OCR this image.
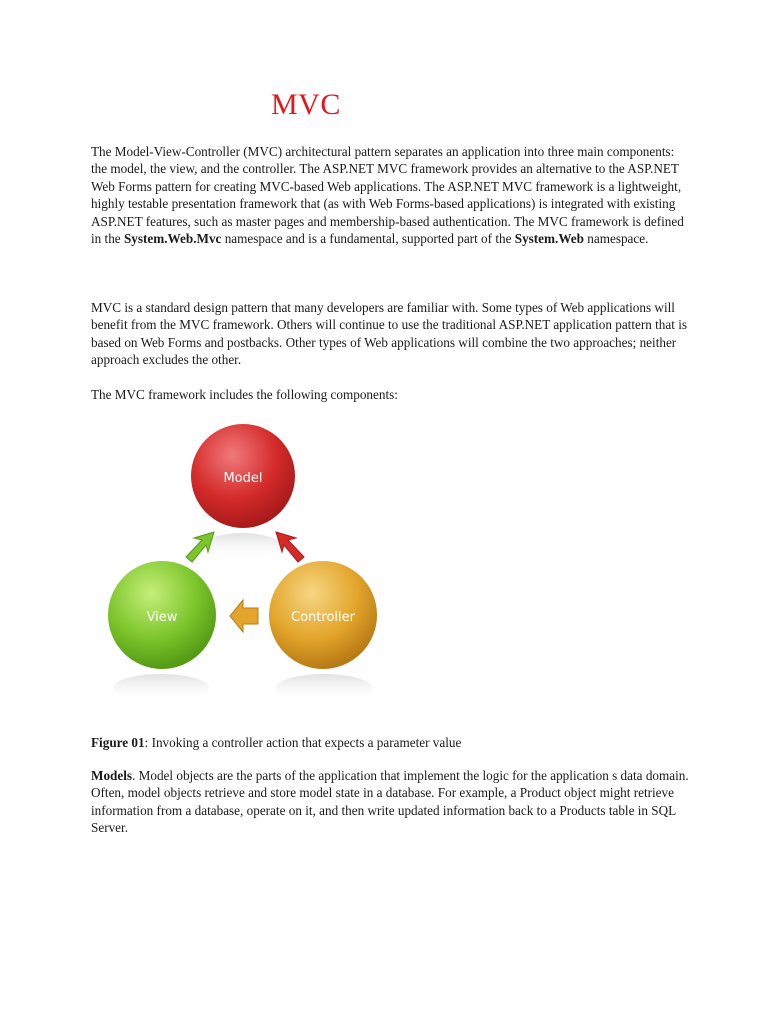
MVC
The Model-View-Controller (MVC) architectural pattern separates an application into three main components: the model, the view, and the controller. The ASP.NET MVC framework provides an alternative to the ASP.NET Web Forms pattern for creating MVC-based Web applications. The ASP.NET MVC framework is a lightweight, highly testable presentation framework that (as with Web Forms-based applications) is integrated with existing ASP.NET features, such as master pages and membership-based authentication. The MVC framework is defined in the System.Web.Mvc namespace and is a fundamental, supported part of the System.Web namespace.
MVC is a standard design pattern that many developers are familiar with. Some types of Web applications will benefit from the MVC framework. Others will continue to use the traditional ASP.NET application pattern that is based on Web Forms and postbacks. Other types of Web applications will combine the two approaches; neither approach excludes the other.
The MVC framework includes the following components:
Model
View	Controller
Figure 01: Invoking a controller action that expects a parameter value
Models. Model objects are the parts of the application that implement the logic for the application s data domain. Often, model objects retrieve and store model state in a database. For example, a Product object might retrieve information from a database, operate on it, and then write updated information back to a Products table in SQL Server.
